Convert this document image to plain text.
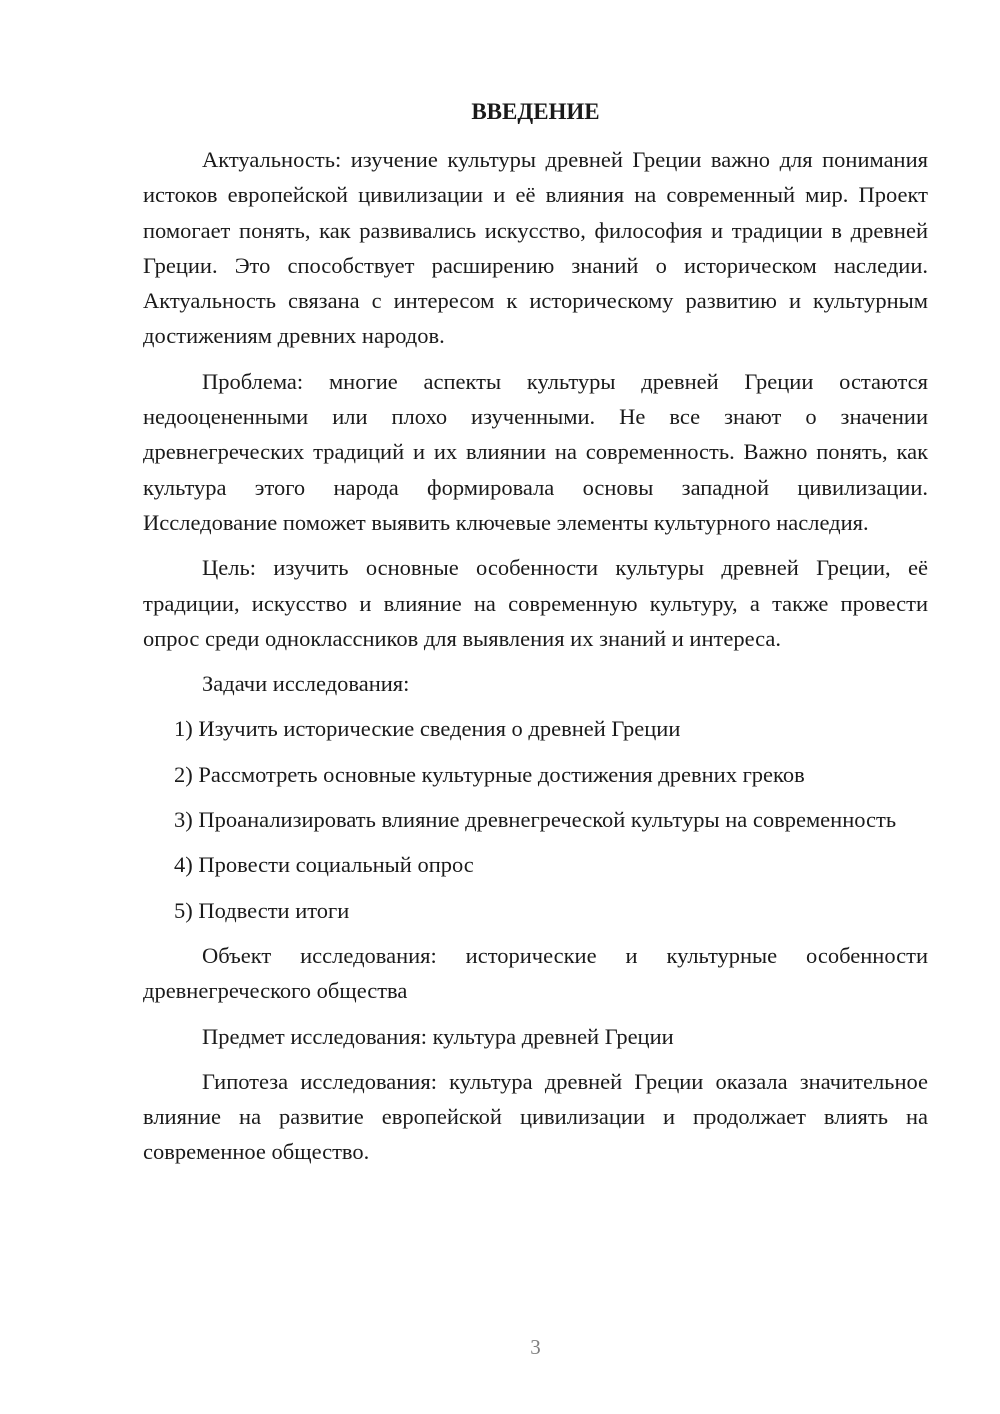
ВВЕДЕНИЕ

Актуальность: изучение культуры древней Греции важно для понимания истоков европейской цивилизации и её влияния на современный мир. Проект помогает понять, как развивались искусство, философия и традиции в древней Греции. Это способствует расширению знаний о историческом наследии. Актуальность связана с интересом к историческому развитию и культурным достижениям древних народов.

Проблема: многие аспекты культуры древней Греции остаются недооцененными или плохо изученными. Не все знают о значении древнегреческих традиций и их влиянии на современность. Важно понять, как культура этого народа формировала основы западной цивилизации. Исследование поможет выявить ключевые элементы культурного наследия.

Цель: изучить основные особенности культуры древней Греции, её традиции, искусство и влияние на современную культуру, а также провести опрос среди одноклассников для выявления их знаний и интереса.

Задачи исследования:

1) Изучить исторические сведения о древней Греции

2) Рассмотреть основные культурные достижения древних греков

3) Проанализировать влияние древнегреческой культуры на современность

4) Провести социальный опрос

5) Подвести итоги

Объект исследования: исторические и культурные особенности древнегреческого общества

Предмет исследования: культура древней Греции

Гипотеза исследования: культура древней Греции оказала значительное влияние на развитие европейской цивилизации и продолжает влиять на современное общество.

3
